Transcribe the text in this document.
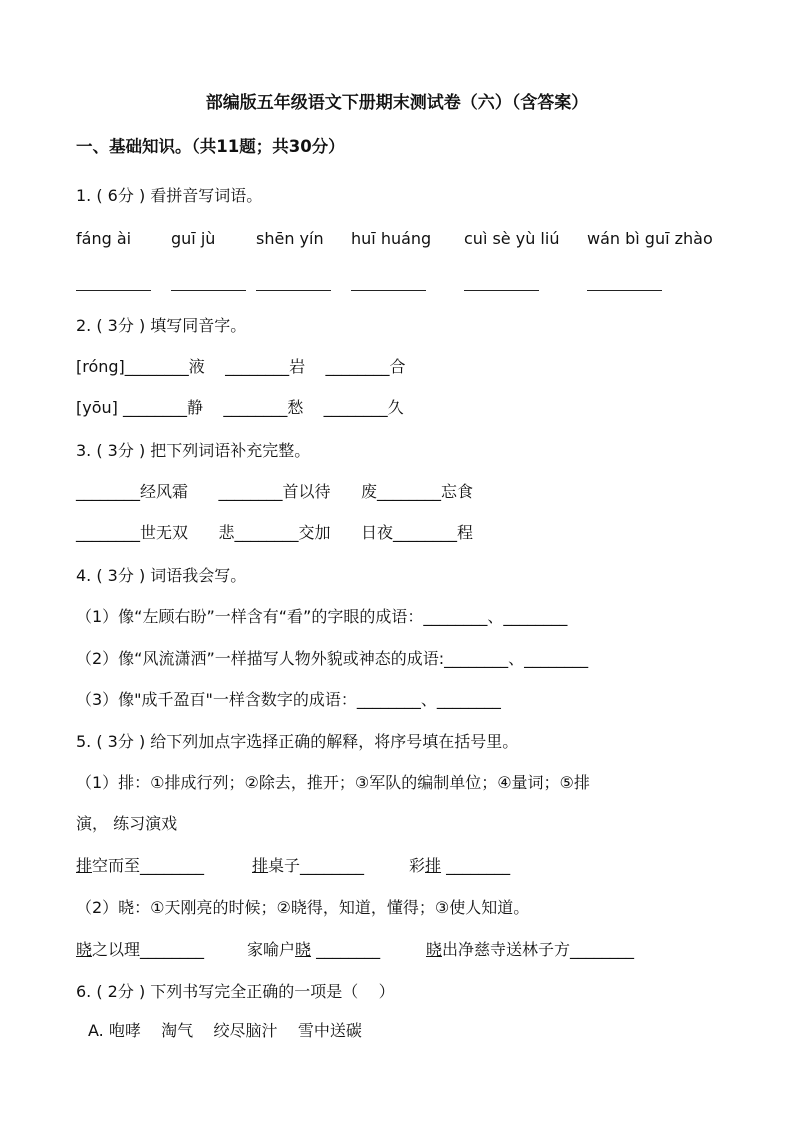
部编版五年级语文下册期末测试卷（六）（含答案）
一、基础知识。（共11题；共30分）
1. ( 6分 ) 看拼音写词语。
fáng ài guī jù	shēn yín huī huáng cuì sè yù liú wán bì guī zhào
2. ( 3分 ) 填写同音字。
[róng]________液    ________岩    ________合
[yōu] ________静    ________愁    ________久
3. ( 3分 ) 把下列词语补充完整。
________经风霜      ________首以待      废________忘食
________世无双      悲________交加      日夜________程
4. ( 3分 ) 词语我会写。
（1）像“左顾右盼”一样含有“看”的字眼的成语：________、________
（2）像“风流潇洒”一样描写人物外貌或神态的成语:________、________
（3）像"成千盈百"一样含数字的成语：________、________
5. ( 3分 ) 给下列加点字选择正确的解释，将序号填在括号里。
（1）排：①排成行列；②除去，推开；③军队的编制单位；④量词；⑤排
演， 练习演戏
排空而至________	排桌子________	彩排 ________
（2）晓：①天刚亮的时候；②晓得，知道，懂得；③使人知道。
晓之以理________	家喻户晓 ________	晓出净慈寺送林子方________
6. ( 2分 ) 下列书写完全正确的一项是（    ）
A. 咆哮    淘气    绞尽脑汁    雪中送碳
